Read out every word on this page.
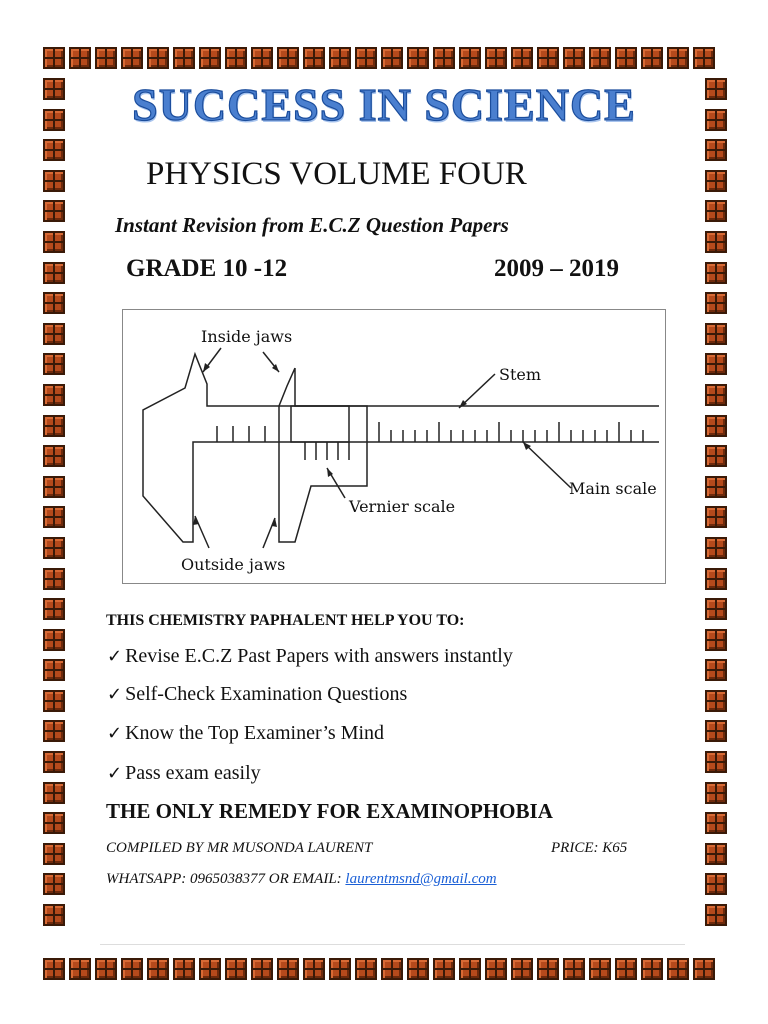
SUCCESS IN SCIENCE
PHYSICS VOLUME FOUR
Instant Revision from E.C.Z Question Papers
GRADE 10 -12	2009 – 2019
Inside jaws
Stem
Main scale
Vernier scale
Outside jaws
THIS CHEMISTRY PAPHALENT HELP YOU TO:
✓ Revise E.C.Z Past Papers with answers instantly
✓ Self-Check Examination Questions
✓ Know the Top Examiner’s Mind
✓ Pass exam easily
THE ONLY REMEDY FOR EXAMINOPHOBIA
COMPILED BY MR MUSONDA LAURENT	PRICE: K65
WHATSAPP: 0965038377 OR EMAIL: laurentmsnd@gmail.com
